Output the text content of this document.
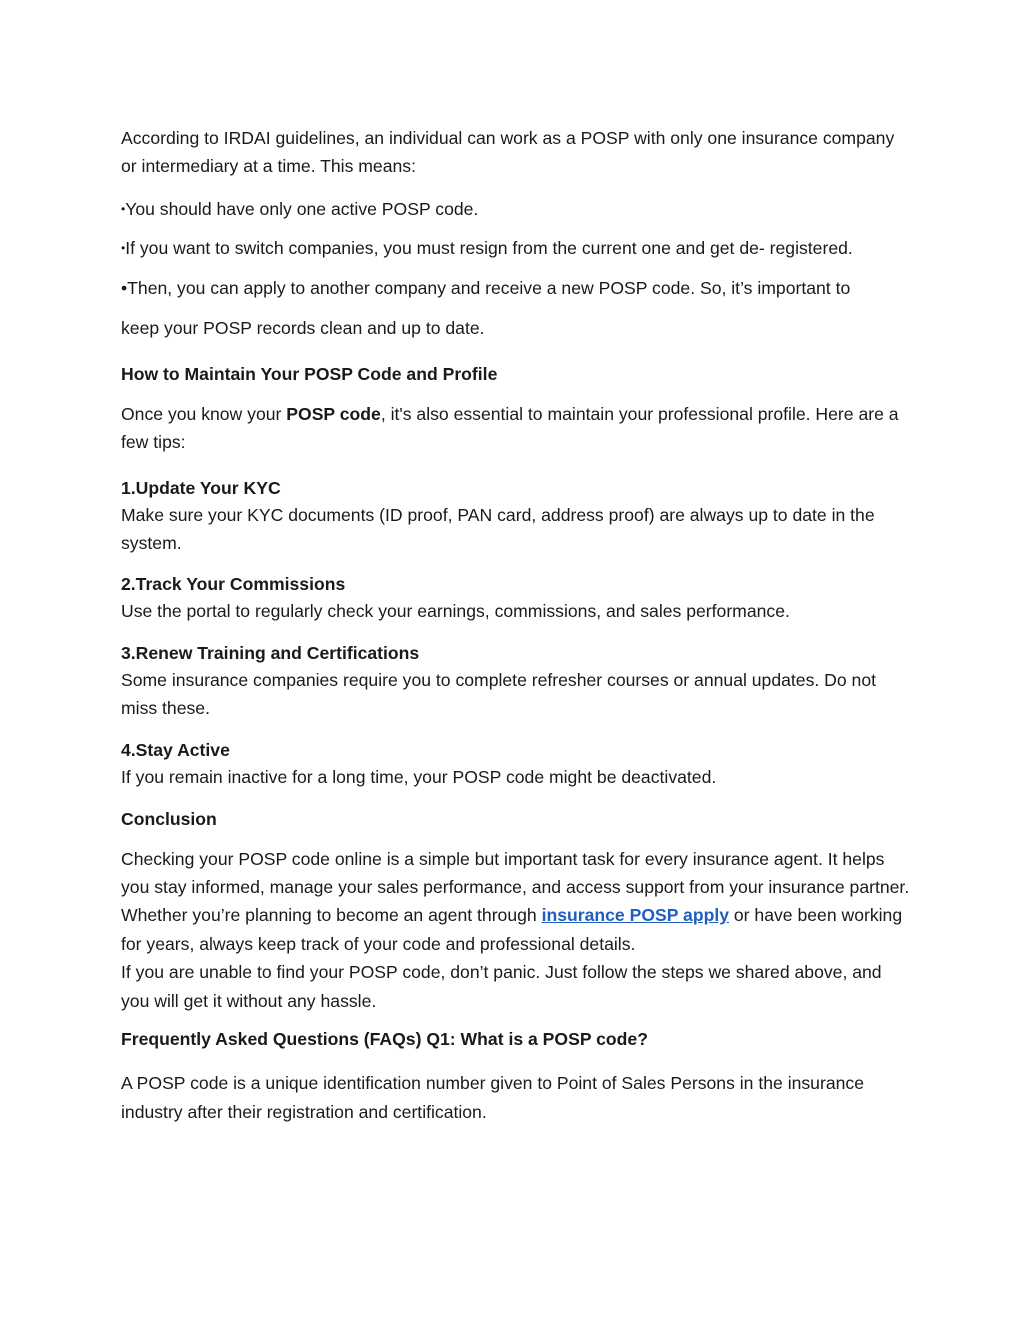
According to IRDAI guidelines, an individual can work as a POSP with only one insurance company or intermediary at a time. This means:

•You should have only one active POSP code.

•If you want to switch companies, you must resign from the current one and get de- registered.

•Then, you can apply to another company and receive a new POSP code. So, it’s important to

keep your POSP records clean and up to date.

How to Maintain Your POSP Code and Profile

Once you know your POSP code, it's also essential to maintain your professional profile. Here are a few tips:

1.Update Your KYC

Make sure your KYC documents (ID proof, PAN card, address proof) are always up to date in the system.

2.Track Your Commissions

Use the portal to regularly check your earnings, commissions, and sales performance.

3.Renew Training and Certifications

Some insurance companies require you to complete refresher courses or annual updates. Do not miss these.

4.Stay Active

If you remain inactive for a long time, your POSP code might be deactivated.

Conclusion

Checking your POSP code online is a simple but important task for every insurance agent. It helps you stay informed, manage your sales performance, and access support from your insurance partner. Whether you’re planning to become an agent through insurance POSP apply or have been working for years, always keep track of your code and professional details.

If you are unable to find your POSP code, don’t panic. Just follow the steps we shared above, and you will get it without any hassle.

Frequently Asked Questions (FAQs) Q1: What is a POSP code?

A POSP code is a unique identification number given to Point of Sales Persons in the insurance industry after their registration and certification.
